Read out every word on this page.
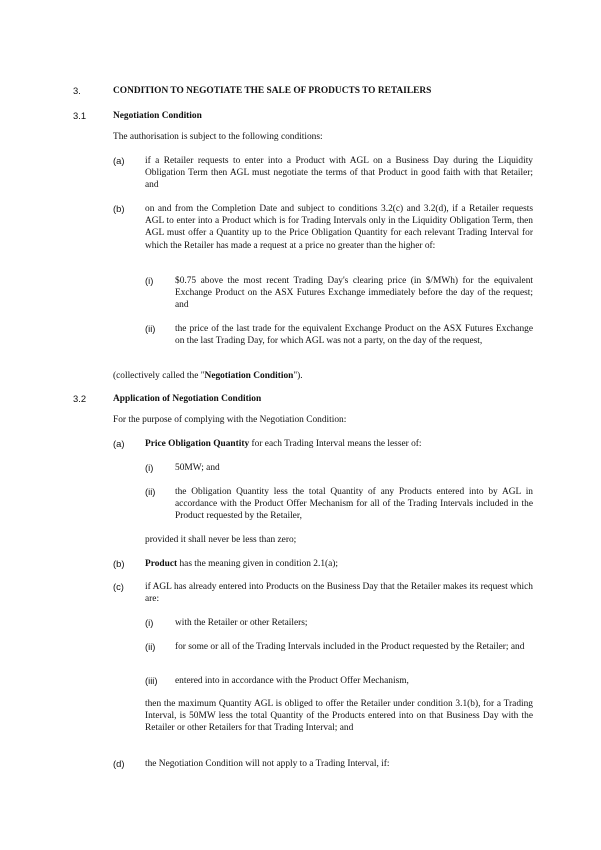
3.	CONDITION TO NEGOTIATE THE SALE OF PRODUCTS TO RETAILERS
3.1	Negotiation Condition
The authorisation is subject to the following conditions:
(a) if a Retailer requests to enter into a Product with AGL on a Business Day during the Liquidity Obligation Term then AGL must negotiate the terms of that Product in good faith with that Retailer; and
(b) on and from the Completion Date and subject to conditions 3.2(c) and 3.2(d), if a Retailer requests AGL to enter into a Product which is for Trading Intervals only in the Liquidity Obligation Term, then AGL must offer a Quantity up to the Price Obligation Quantity for each relevant Trading Interval for which the Retailer has made a request at a price no greater than the higher of:
(i) $0.75 above the most recent Trading Day's clearing price (in $/MWh) for the equivalent Exchange Product on the ASX Futures Exchange immediately before the day of the request; and
(ii) the price of the last trade for the equivalent Exchange Product on the ASX Futures Exchange on the last Trading Day, for which AGL was not a party, on the day of the request,
(collectively called the "Negotiation Condition").
3.2	Application of Negotiation Condition
For the purpose of complying with the Negotiation Condition:
(a) Price Obligation Quantity for each Trading Interval means the lesser of:
(i) 50MW; and
(ii) the Obligation Quantity less the total Quantity of any Products entered into by AGL in accordance with the Product Offer Mechanism for all of the Trading Intervals included in the Product requested by the Retailer,
provided it shall never be less than zero;
(b) Product has the meaning given in condition 2.1(a);
(c) if AGL has already entered into Products on the Business Day that the Retailer makes its request which are:
(i) with the Retailer or other Retailers;
(ii) for some or all of the Trading Intervals included in the Product requested by the Retailer; and
(iii) entered into in accordance with the Product Offer Mechanism,
then the maximum Quantity AGL is obliged to offer the Retailer under condition 3.1(b), for a Trading Interval, is 50MW less the total Quantity of the Products entered into on that Business Day with the Retailer or other Retailers for that Trading Interval; and
(d) the Negotiation Condition will not apply to a Trading Interval, if:
